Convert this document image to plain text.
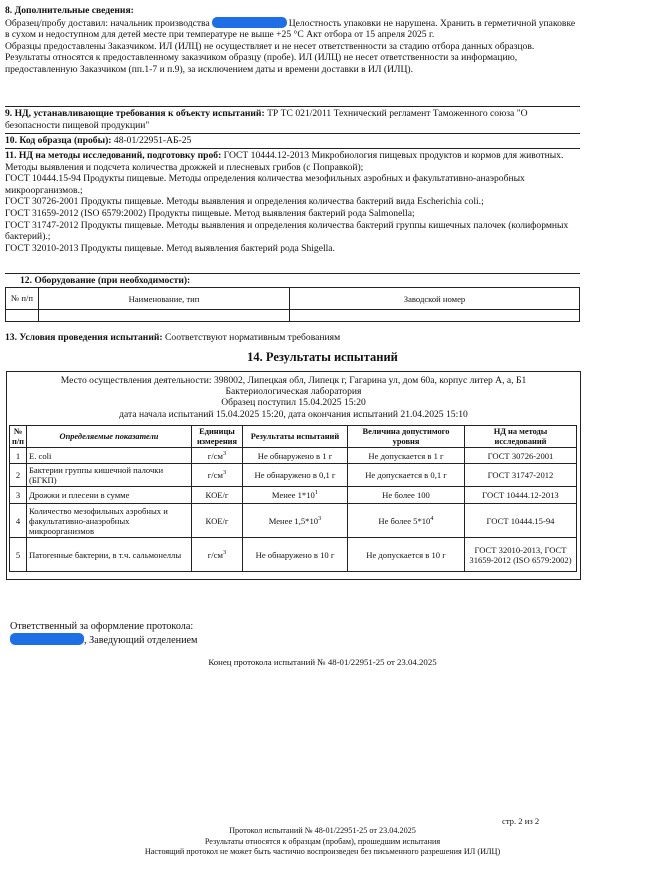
8. Дополнительные сведения:
Образец/пробу доставил: начальник производства	Целостность упаковки не нарушена. Хранить в герметичной упаковке в сухом и недоступном для детей месте при температуре не выше +25 °С Акт отбора от 15 апреля 2025 г.
Образцы предоставлены Заказчиком. ИЛ (ИЛЦ) не осуществляет и не несет ответственности за стадию отбора данных образцов. Результаты относятся к предоставленному заказчиком образцу (пробе). ИЛ (ИЛЦ) не несет ответственности за информацию, предоставленную Заказчиком (пп.1-7 и п.9), за исключением даты и времени доставки в ИЛ (ИЛЦ).
9. НД, устанавливающие требования к объекту испытаний: ТР ТС 021/2011 Технический регламент Таможенного союза "О безопасности пищевой продукции"
10. Код образца (пробы): 48-01/22951-АБ-25
11. НД на методы исследований, подготовку проб: ГОСТ 10444.12-2013 Микробиология пищевых продуктов и кормов для животных. Методы выявления и подсчета количества дрожжей и плесневых грибов (с Поправкой);
ГОСТ 10444.15-94 Продукты пищевые. Методы определения количества мезофильных аэробных и факультативно-анаэробных микроорганизмов.;
ГОСТ 30726-2001 Продукты пищевые. Методы выявления и определения количества бактерий вида Escherichia coli.;
ГОСТ 31659-2012 (ISO 6579:2002) Продукты пищевые. Метод выявления бактерий рода Salmonella;
ГОСТ 31747-2012 Продукты пищевые. Методы выявления и определения количества бактерий группы кишечных палочек (колиформных бактерий).;
ГОСТ 32010-2013 Продукты пищевые. Метод выявления бактерий рода Shigella.
12. Оборудование (при необходимости):
№ п/п	Наименование, тип	Заводской номер

13. Условия проведения испытаний: Соответствуют нормативным требованиям
14. Результаты испытаний
Место осуществления деятельности: 398002, Липецкая обл, Липецк г, Гагарина ул, дом 60а, корпус литер А, а, Б1
Бактериологическая лаборатория
Образец поступил 15.04.2025 15:20
дата начала испытаний 15.04.2025 15:20, дата окончания испытаний 21.04.2025 15:10
№ п/п	Определяемые показатели	Единицы измерения	Результаты испытаний	Величина допустимого уровня	НД на методы исследований
1	E. coli	$г/см^3$	Не обнаружено в 1 г	Не допускается в 1 г	ГОСТ 30726-2001
2	Бактерии группы кишечной палочки (БГКП)	$г/см^3$	Не обнаружено в 0,1 г	Не допускается в 0,1 г	ГОСТ 31747-2012
3	Дрожжи и плесени в сумме	КОЕ/г	Менее $1*10^1$	Не более 100	ГОСТ 10444.12-2013
4	Количество мезофильных аэробных и факультативно-анаэробных микроорганизмов	КОЕ/г	Менее $1,5*10^3$	Не более $5*10^4$	ГОСТ 10444.15-94
5	Патогенные бактерии, в т.ч. сальмонеллы	$г/см^3$	Не обнаружено в 10 г	Не допускается в 10 г	ГОСТ 32010-2013, ГОСТ 31659-2012 (ISO 6579:2002)
Ответственный за оформление протокола:
, Заведующий отделением
Конец протокола испытаний № 48-01/22951-25 от 23.04.2025
стр. 2 из 2
Протокол испытаний № 48-01/22951-25 от 23.04.2025
Результаты относятся к образцам (пробам), прошедшим испытания
Настоящий протокол не может быть частично воспроизведен без письменного разрешения ИЛ (ИЛЦ)
